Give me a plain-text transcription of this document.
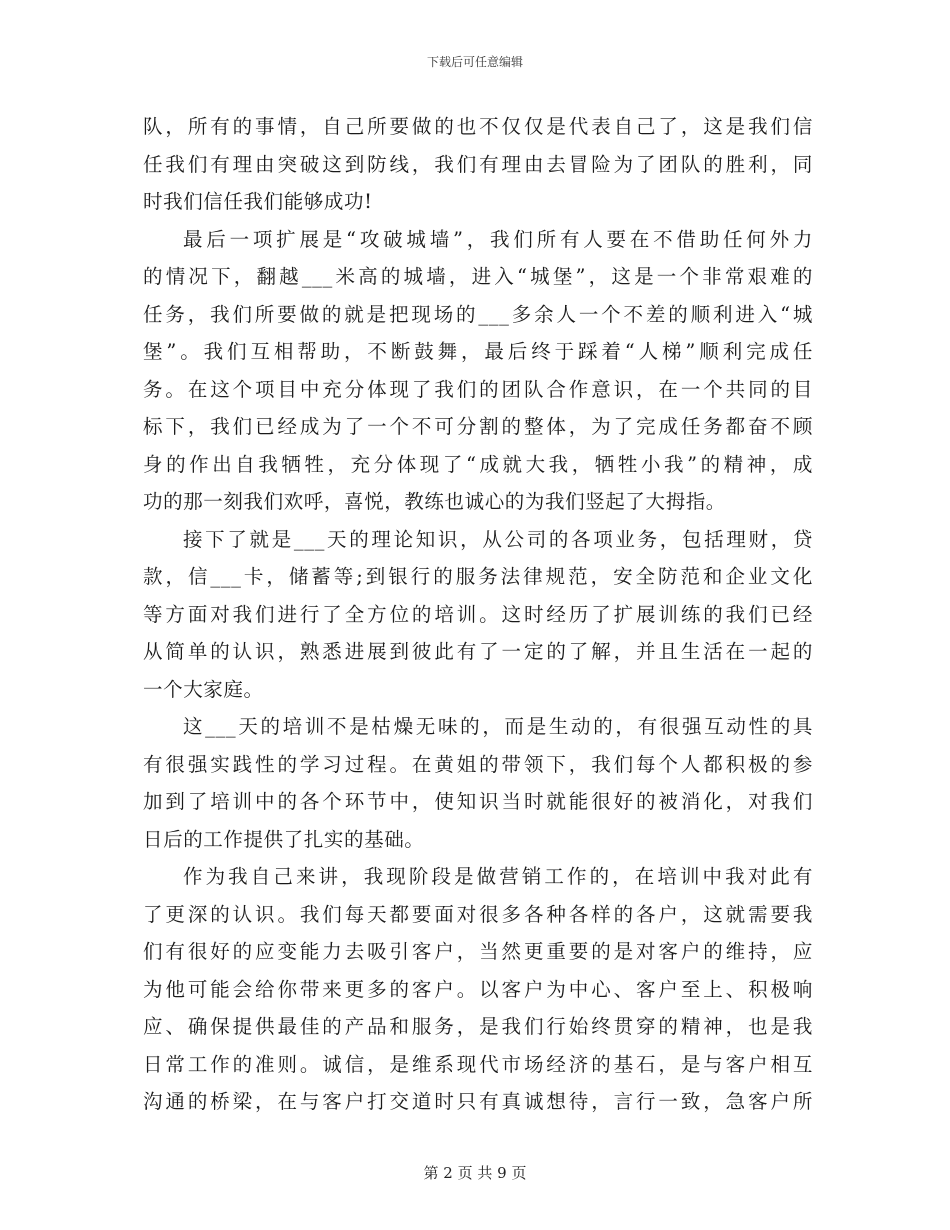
下载后可任意编辑
队，所有的事情，自己所要做的也不仅仅是代表自己了，这是我们信
任我们有理由突破这到防线，我们有理由去冒险为了团队的胜利，同
时我们信任我们能够成功!
最后一项扩展是“攻破城墙”，我们所有人要在不借助任何外力
的情况下，翻越___米高的城墙，进入“城堡”，这是一个非常艰难的
任务，我们所要做的就是把现场的___多余人一个不差的顺利进入“城
堡”。我们互相帮助，不断鼓舞，最后终于踩着“人梯”顺利完成任
务。在这个项目中充分体现了我们的团队合作意识，在一个共同的目
标下，我们已经成为了一个不可分割的整体，为了完成任务都奋不顾
身的作出自我牺牲，充分体现了“成就大我，牺牲小我”的精神，成
功的那一刻我们欢呼，喜悦，教练也诚心的为我们竖起了大拇指。
接下了就是___天的理论知识，从公司的各项业务，包括理财，贷
款，信___卡，储蓄等;到银行的服务法律规范，安全防范和企业文化
等方面对我们进行了全方位的培训。这时经历了扩展训练的我们已经
从简单的认识，熟悉进展到彼此有了一定的了解，并且生活在一起的
一个大家庭。
这___天的培训不是枯燥无味的，而是生动的，有很强互动性的具
有很强实践性的学习过程。在黄姐的带领下，我们每个人都积极的参
加到了培训中的各个环节中，使知识当时就能很好的被消化，对我们
日后的工作提供了扎实的基础。
作为我自己来讲，我现阶段是做营销工作的，在培训中我对此有
了更深的认识。我们每天都要面对很多各种各样的各户，这就需要我
们有很好的应变能力去吸引客户，当然更重要的是对客户的维持，应
为他可能会给你带来更多的客户。以客户为中心、客户至上、积极响
应、确保提供最佳的产品和服务，是我们行始终贯穿的精神，也是我
日常工作的准则。诚信，是维系现代市场经济的基石，是与客户相互
沟通的桥梁，在与客户打交道时只有真诚想待，言行一致，急客户所
第 2 页 共 9 页
